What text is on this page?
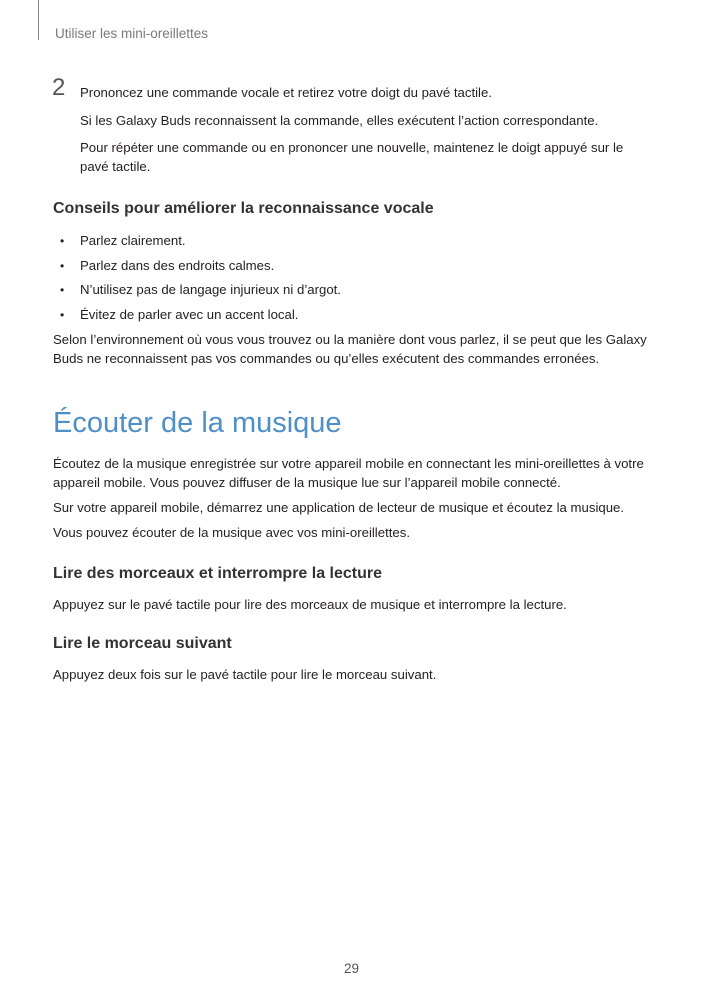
Utiliser les mini-oreillettes
2 Prononcez une commande vocale et retirez votre doigt du pavé tactile.

Si les Galaxy Buds reconnaissent la commande, elles exécutent l’action correspondante.

Pour répéter une commande ou en prononcer une nouvelle, maintenez le doigt appuyé sur le pavé tactile.

Conseils pour améliorer la reconnaissance vocale
• Parlez clairement.
• Parlez dans des endroits calmes.
• N’utilisez pas de langage injurieux ni d’argot.
• Évitez de parler avec un accent local.

Selon l’environnement où vous vous trouvez ou la manière dont vous parlez, il se peut que les Galaxy Buds ne reconnaissent pas vos commandes ou qu’elles exécutent des commandes erronées.

Écouter de la musique

Écoutez de la musique enregistrée sur votre appareil mobile en connectant les mini-oreillettes à votre appareil mobile. Vous pouvez diffuser de la musique lue sur l’appareil mobile connecté.

Sur votre appareil mobile, démarrez une application de lecteur de musique et écoutez la musique.

Vous pouvez écouter de la musique avec vos mini-oreillettes.

Lire des morceaux et interrompre la lecture

Appuyez sur le pavé tactile pour lire des morceaux de musique et interrompre la lecture.

Lire le morceau suivant

Appuyez deux fois sur le pavé tactile pour lire le morceau suivant.

29
